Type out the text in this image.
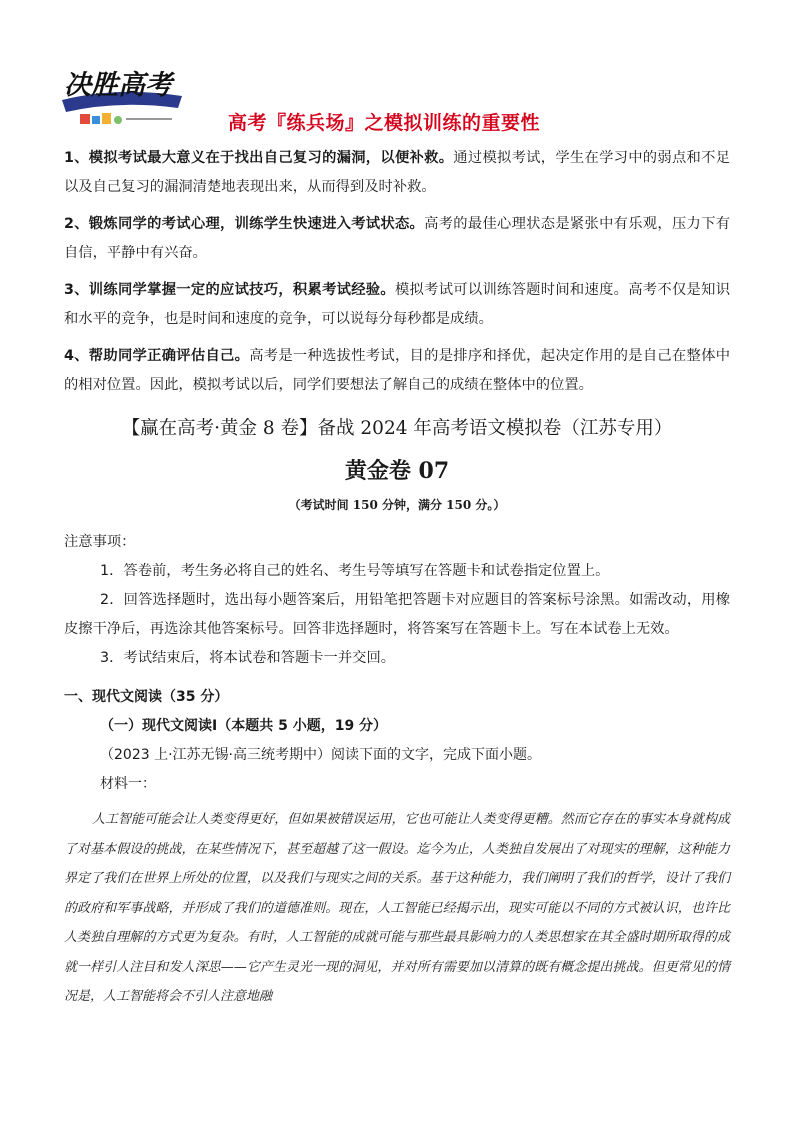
决胜高考
高考『练兵场』之模拟训练的重要性

1、模拟考试最大意义在于找出自己复习的漏洞，以便补救。通过模拟考试，学生在学习中的弱点和不足以及自己复习的漏洞清楚地表现出来，从而得到及时补救。

2、锻炼同学的考试心理，训练学生快速进入考试状态。高考的最佳心理状态是紧张中有乐观，压力下有自信，平静中有兴奋。

3、训练同学掌握一定的应试技巧，积累考试经验。模拟考试可以训练答题时间和速度。高考不仅是知识和水平的竞争，也是时间和速度的竞争，可以说每分每秒都是成绩。

4、帮助同学正确评估自己。高考是一种选拔性考试，目的是排序和择优，起决定作用的是自己在整体中的相对位置。因此，模拟考试以后，同学们要想法了解自己的成绩在整体中的位置。

【赢在高考·黄金 8 卷】备战 2024 年高考语文模拟卷（江苏专用）
黄金卷 07
（考试时间 150 分钟，满分 150 分。）
注意事项：
1．答卷前，考生务必将自己的姓名、考生号等填写在答题卡和试卷指定位置上。
2．回答选择题时，选出每小题答案后，用铅笔把答题卡对应题目的答案标号涂黑。如需改动，用橡皮擦干净后，再选涂其他答案标号。回答非选择题时，将答案写在答题卡上。写在本试卷上无效。
3．考试结束后，将本试卷和答题卡一并交回。
一、现代文阅读（35 分）
（一）现代文阅读Ⅰ（本题共 5 小题，19 分）
（2023 上·江苏无锡·高三统考期中）阅读下面的文字，完成下面小题。
材料一：
人工智能可能会让人类变得更好，但如果被错误运用，它也可能让人类变得更糟。然而它存在的事实本身就构成了对基本假设的挑战，在某些情况下，甚至超越了这一假设。迄今为止，人类独自发展出了对现实的理解，这种能力界定了我们在世界上所处的位置，以及我们与现实之间的关系。基于这种能力，我们阐明了我们的哲学，设计了我们的政府和军事战略，并形成了我们的道德准则。现在，人工智能已经揭示出，现实可能以不同的方式被认识，也许比人类独自理解的方式更为复杂。有时，人工智能的成就可能与那些最具影响力的人类思想家在其全盛时期所取得的成就一样引人注目和发人深思——它产生灵光一现的洞见，并对所有需要加以清算的既有概念提出挑战。但更常见的情况是，人工智能将会不引人注意地融
